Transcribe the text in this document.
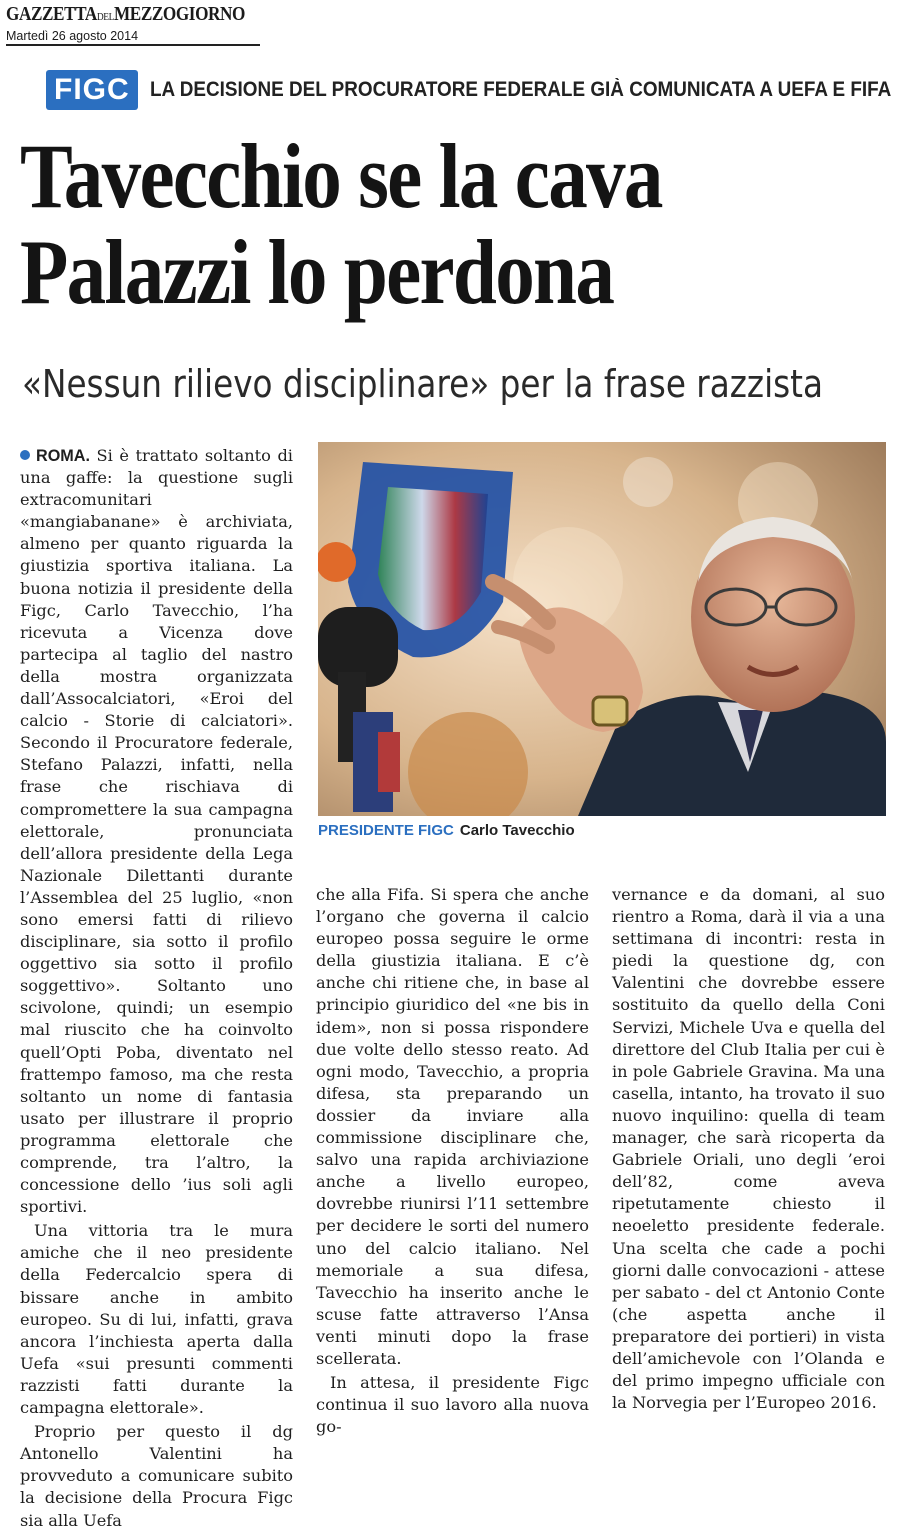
GAZZETTADELMEZZOGIORNO
Martedì 26 agosto 2014
FIGC LA DECISIONE DEL PROCURATORE FEDERALE GIÀ COMUNICATA A UEFA E FIFA
Tavecchio se la cava
Palazzi lo perdona
«Nessun rilievo disciplinare» per la frase razzista

ROMA. Si è trattato soltanto di una gaffe: la questione sugli extracomunitari «mangiabanane» è archiviata, almeno per quanto riguarda la giustizia sportiva italiana. La buona notizia il presidente della Figc, Carlo Tavecchio, l’ha ricevuta a Vicenza dove partecipa al taglio del nastro della mostra organizzata dall’Assocalciatori, «Eroi del calcio - Storie di calciatori». Secondo il Procuratore federale, Stefano Palazzi, infatti, nella frase che rischiava di compromettere la sua campagna elettorale, pronunciata dell’allora presidente della Lega Nazionale Dilettanti durante l’Assemblea del 25 luglio, «non sono emersi fatti di rilievo disciplinare, sia sotto il profilo oggettivo sia sotto il profilo soggettivo». Soltanto uno scivolone, quindi; un esempio mal riuscito che ha coinvolto quell’Opti Poba, diventato nel frattempo famoso, ma che resta soltanto un nome di fantasia usato per illustrare il proprio programma elettorale che comprende, tra l’altro, la concessione dello ’ius soli agli sportivi.

Una vittoria tra le mura amiche che il neo presidente della Federcalcio spera di bissare anche in ambito europeo. Su di lui, infatti, grava ancora l’inchiesta aperta dalla Uefa «sui presunti commenti razzisti fatti durante la campagna elettorale».

Proprio per questo il dg Antonello Valentini ha provveduto a comunicare subito la decisione della Procura Figc sia alla Uefa

PRESIDENTE FIGC Carlo Tavecchio

che alla Fifa. Si spera che anche l’organo che governa il calcio europeo possa seguire le orme della giustizia italiana. E c’è anche chi ritiene che, in base al principio giuridico del «ne bis in idem», non si possa rispondere due volte dello stesso reato. Ad ogni modo, Tavecchio, a propria difesa, sta preparando un dossier da inviare alla commissione disciplinare che, salvo una rapida archiviazione anche a livello europeo, dovrebbe riunirsi l’11 settembre per decidere le sorti del numero uno del calcio italiano. Nel memoriale a sua difesa, Tavecchio ha inserito anche le scuse fatte attraverso l’Ansa venti minuti dopo la frase scellerata.

In attesa, il presidente Figc continua il suo lavoro alla nuova go-

vernance e da domani, al suo rientro a Roma, darà il via a una settimana di incontri: resta in piedi la questione dg, con Valentini che dovrebbe essere sostituito da quello della Coni Servizi, Michele Uva e quella del direttore del Club Italia per cui è in pole Gabriele Gravina. Ma una casella, intanto, ha trovato il suo nuovo inquilino: quella di team manager, che sarà ricoperta da Gabriele Oriali, uno degli ’eroi dell’82, come aveva ripetutamente chiesto il neoeletto presidente federale. Una scelta che cade a pochi giorni dalle convocazioni - attese per sabato - del ct Antonio Conte (che aspetta anche il preparatore dei portieri) in vista dell’amichevole con l’Olanda e del primo impegno ufficiale con la Norvegia per l’Europeo 2016.
